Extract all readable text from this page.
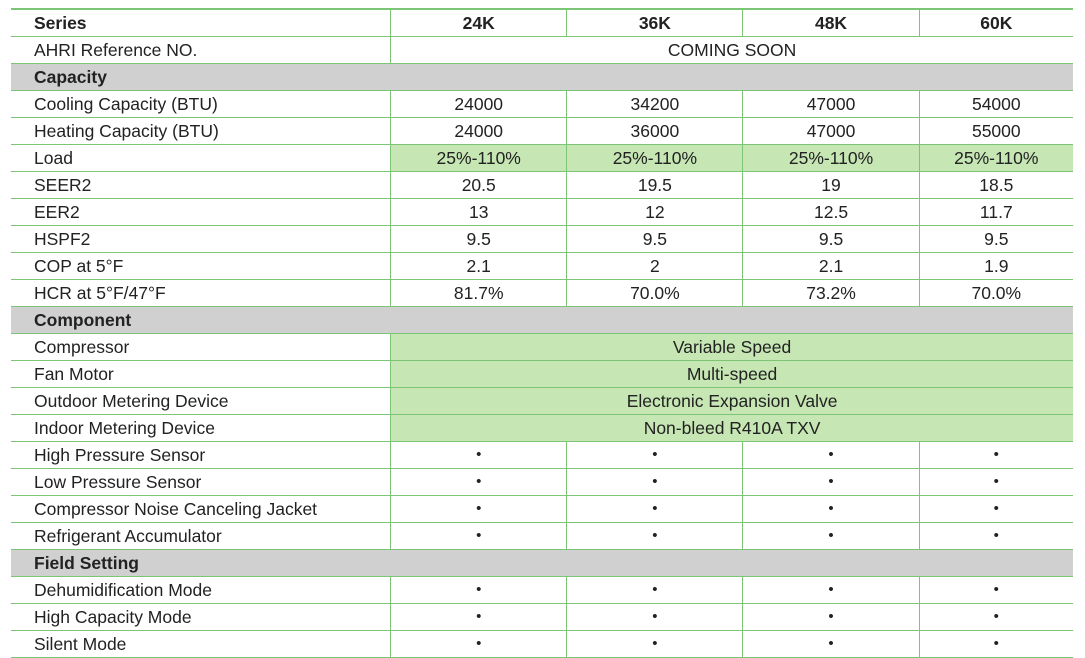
Series	24K	36K	48K	60K
AHRI Reference NO.	COMING SOON			
Capacity				
Cooling Capacity (BTU)	24000	34200	47000	54000
Heating Capacity (BTU)	24000	36000	47000	55000
Load	25%-110%	25%-110%	25%-110%	25%-110%
SEER2	20.5	19.5	19	18.5
EER2	13	12	12.5	11.7
HSPF2	9.5	9.5	9.5	9.5
COP at 5°F	2.1	2	2.1	1.9
HCR at 5°F/47°F	81.7%	70.0%	73.2%	70.0%
Component				
Compressor	Variable Speed			
Fan Motor	Multi-speed			
Outdoor Metering Device	Electronic Expansion Valve			
Indoor Metering Device	Non-bleed R410A TXV			
High Pressure Sensor	•	•	•	•
Low Pressure Sensor	•	•	•	•
Compressor Noise Canceling Jacket	•	•	•	•
Refrigerant Accumulator	•	•	•	•
Field Setting				
Dehumidification Mode	•	•	•	•
High Capacity Mode	•	•	•	•
Silent Mode	•	•	•	•
